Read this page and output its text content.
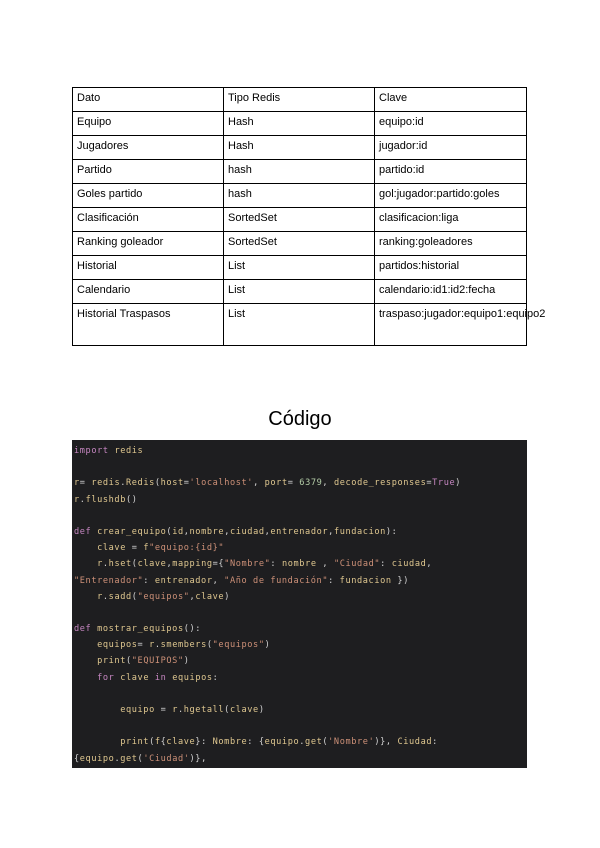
Dato	Tipo Redis	Clave
Equipo	Hash	equipo:id
Jugadores	Hash	jugador:id
Partido	hash	partido:id
Goles partido	hash	gol:jugador:partido:goles
Clasificación	SortedSet	clasificacion:liga
Ranking goleador	SortedSet	ranking:goleadores
Historial	List	partidos:historial
Calendario	List	calendario:id1:id2:fecha
Historial Traspasos	List	traspaso:jugador:equipo1:equipo2
Código
import redis
r= redis.Redis(host='localhost', port= 6379, decode_responses=True)
r.flushdb()
def crear_equipo(id,nombre,ciudad,entrenador,fundacion):
clave = f"equipo:{id}"
r.hset(clave,mapping={"Nombre": nombre , "Ciudad": ciudad,
"Entrenador": entrenador, "Año de fundación": fundacion })
r.sadd("equipos",clave)
def mostrar_equipos():
equipos= r.smembers("equipos")
print("EQUIPOS")
for clave in equipos:
equipo = r.hgetall(clave)
print(f{clave}: Nombre: {equipo.get('Nombre')}, Ciudad:
{equipo.get('Ciudad')},
